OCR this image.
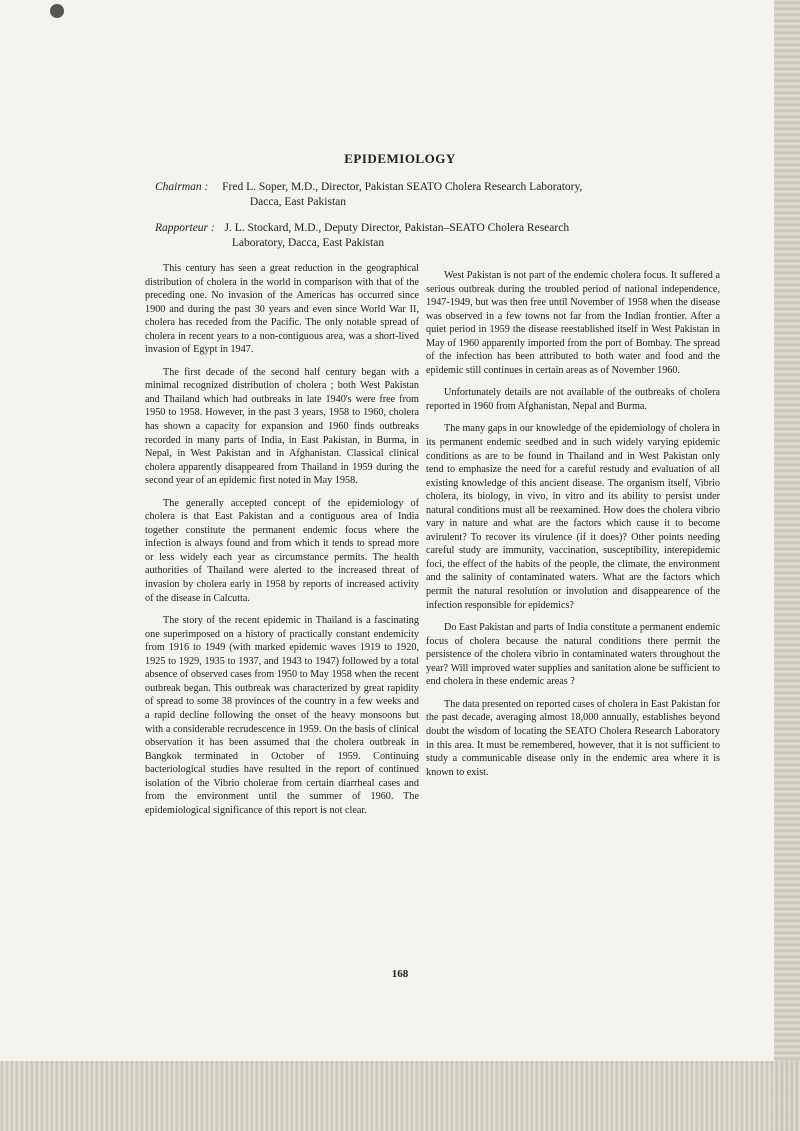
EPIDEMIOLOGY
Chairman : Fred L. Soper, M.D., Director, Pakistan SEATO Cholera Research Laboratory,
Dacca, East Pakistan
Rapporteur : J. L. Stockard, M.D., Deputy Director, Pakistan–SEATO Cholera Research
Laboratory, Dacca, East Pakistan

This century has seen a great reduction in the geographical distribution of cholera in the world in comparison with that of the preceding one. No invasion of the Americas has occurred since 1900 and during the past 30 years and even since World War II, cholera has receded from the Pacific. The only notable spread of cholera in recent years to a non-contiguous area, was a short-lived invasion of Egypt in 1947.

The first decade of the second half century began with a minimal recognized distribution of cholera ; both West Pakistan and Thailand which had outbreaks in late 1940's were free from 1950 to 1958. However, in the past 3 years, 1958 to 1960, cholera has shown a capacity for expansion and 1960 finds outbreaks recorded in many parts of India, in East Pakistan, in Burma, in Nepal, in West Pakistan and in Afghanistan. Classical clinical cholera apparently disappeared from Thailand in 1959 during the second year of an epidemic first noted in May 1958.

The generally accepted concept of the epidemiology of cholera is that East Pakistan and a contiguous area of India together constitute the permanent endemic focus where the infection is always found and from which it tends to spread more or less widely each year as circumstance permits. The health authorities of Thailand were alerted to the increased threat of invasion by cholera early in 1958 by reports of increased activity of the disease in Calcutta.

The story of the recent epidemic in Thailand is a fascinating one superimposed on a history of practically constant endemicity from 1916 to 1949 (with marked epidemic waves 1919 to 1920, 1925 to 1929, 1935 to 1937, and 1943 to 1947) followed by a total absence of observed cases from 1950 to May 1958 when the recent outbreak began. This outbreak was characterized by great rapidity of spread to some 38 provinces of the country in a few weeks and a rapid decline following the onset of the heavy monsoons but with a considerable recrudescence in 1959. On the basis of clinical observation it has been assumed that the cholera outbreak in Bangkok terminated in October of 1959. Continuing bacteriological studies have resulted in the report of continued isolation of the Vibrio cholerae from certain diarrheal cases and from the environment until the summer of 1960. The epidemiological significance of this report is not clear.

West Pakistan is not part of the endemic cholera focus. It suffered a serious outbreak during the troubled period of national independence, 1947-1949, but was then free until November of 1958 when the disease was observed in a few towns not far from the Indian frontier. After a quiet period in 1959 the disease reestablished itself in West Pakistan in May of 1960 apparently imported from the port of Bombay. The spread of the infection has been attributed to both water and food and the epidemic still continues in certain areas as of November 1960.

Unfortunately details are not available of the outbreaks of cholera reported in 1960 from Afghanistan, Nepal and Burma.

The many gaps in our knowledge of the epidemiology of cholera in its permanent endemic seedbed and in such widely varying epidemic conditions as are to be found in Thailand and in West Pakistan only tend to emphasize the need for a careful restudy and evaluation of all existing knowledge of this ancient disease. The organism itself, Vibrio cholera, its biology, in vivo, in vitro and its ability to persist under natural conditions must all be reexamined. How does the cholera vibrio vary in nature and what are the factors which cause it to become avirulent? To recover its virulence (if it does)? Other points needing careful study are immunity, vaccination, susceptibility, interepidemic foci, the effect of the habits of the people, the climate, the environment and the salinity of contaminated waters. What are the factors which permit the natural resolution or involution and disappearence of the infection responsible for epidemics?

Do East Pakistan and parts of India constitute a permanent endemic focus of cholera because the natural conditions there permit the persistence of the cholera vibrio in contaminated waters throughout the year? Will improved water supplies and sanitation alone be sufficient to end cholera in these endemic areas ?

The data presented on reported cases of cholera in East Pakistan for the past decade, averaging almost 18,000 annually, establishes beyond doubt the wisdom of locating the SEATO Cholera Research Laboratory in this area. It must be remembered, however, that it is not sufficient to study a communicable disease only in the endemic area where it is known to exist.

168
